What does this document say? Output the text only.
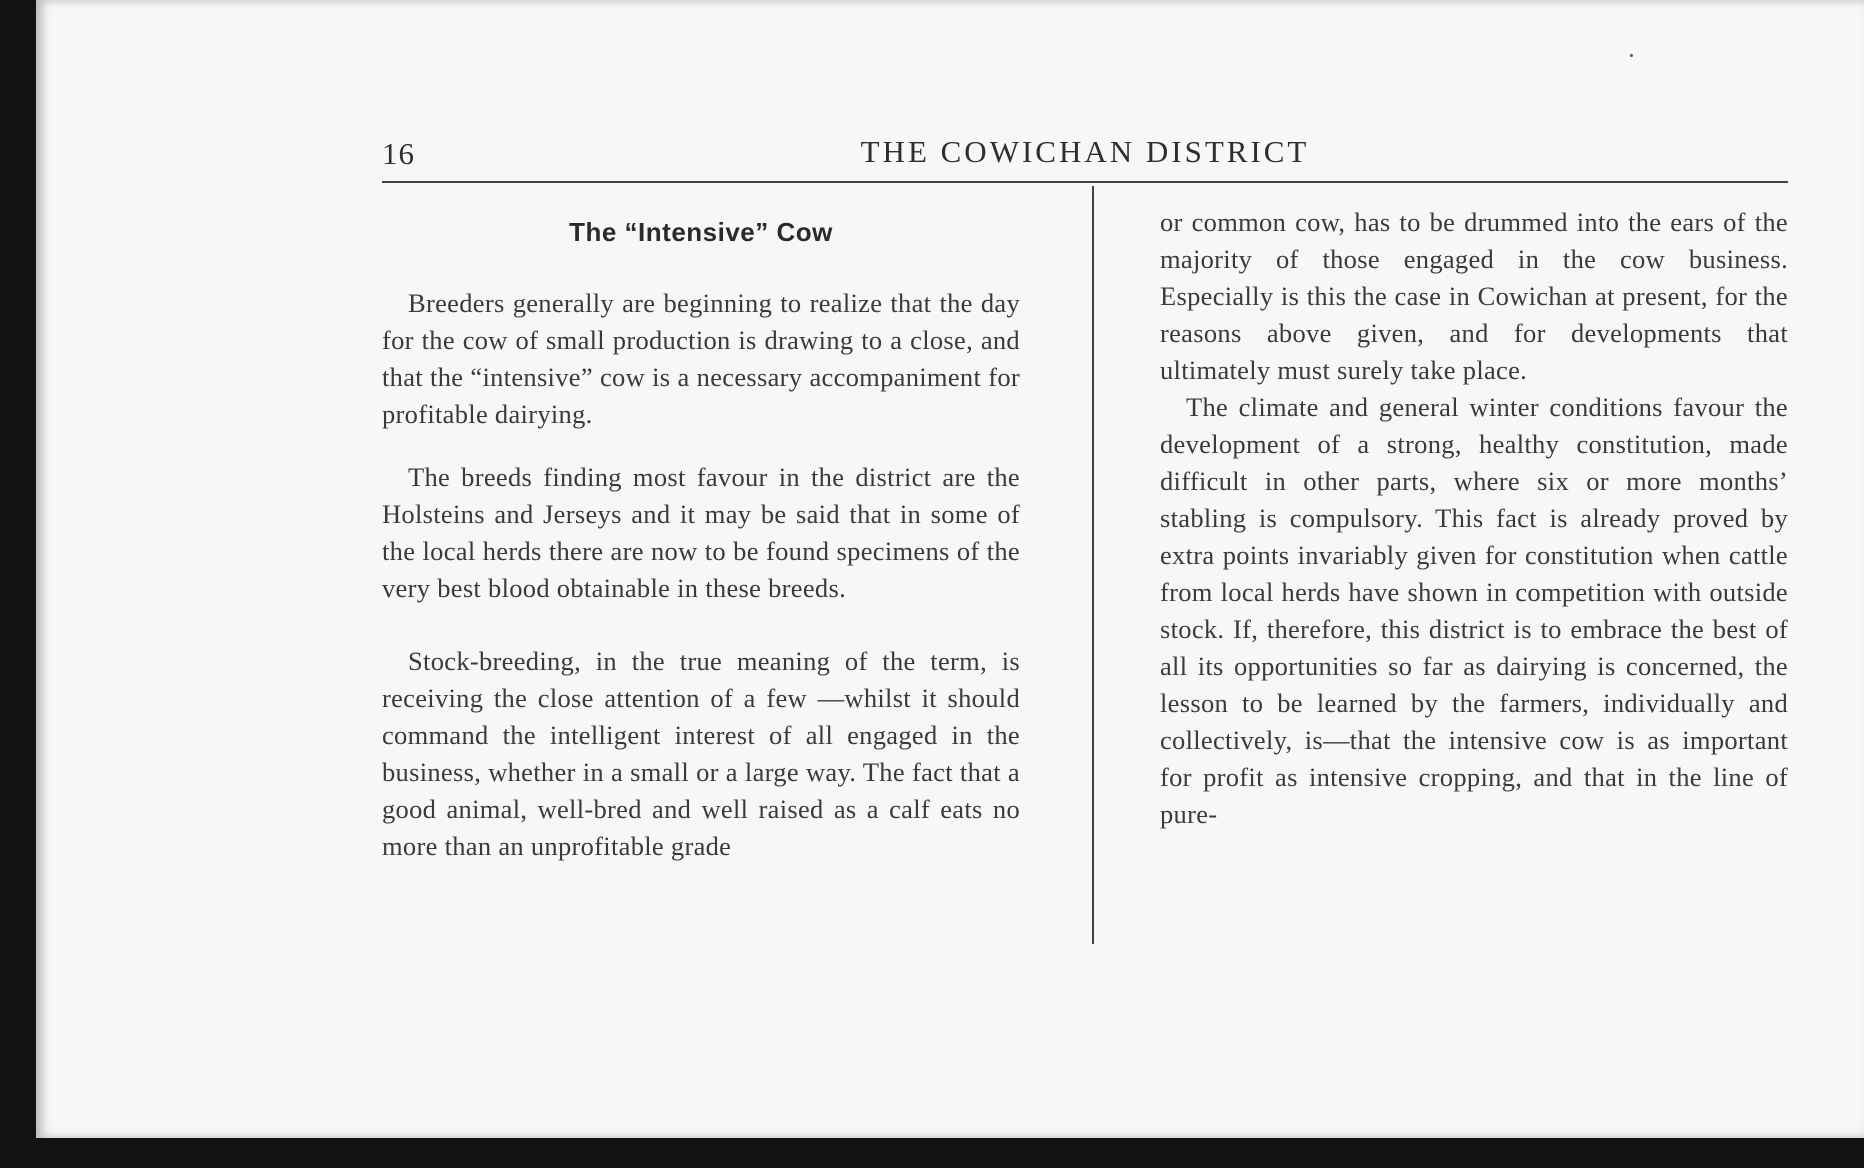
16	THE COWICHAN DISTRICT
The “Intensive” Cow

Breeders generally are beginning to realize that the day for the cow of small production is drawing to a close, and that the “intensive” cow is a necessary accompaniment for profitable dairying.

The breeds finding most favour in the district are the Holsteins and Jerseys and it may be said that in some of the local herds there are now to be found specimens of the very best blood obtainable in these breeds.

Stock-breeding, in the true meaning of the term, is receiving the close attention of a few —whilst it should command the intelligent interest of all engaged in the business, whether in a small or a large way. The fact that a good animal, well-bred and well raised as a calf eats no more than an unprofitable grade

or common cow, has to be drummed into the ears of the majority of those engaged in the cow business. Especially is this the case in Cowichan at present, for the reasons above given, and for developments that ultimately must surely take place.

The climate and general winter conditions favour the development of a strong, healthy constitution, made difficult in other parts, where six or more months’ stabling is compulsory. This fact is already proved by extra points invariably given for constitution when cattle from local herds have shown in competition with outside stock. If, therefore, this district is to embrace the best of all its opportunities so far as dairying is concerned, the lesson to be learned by the farmers, individually and collectively, is—that the intensive cow is as important for profit as intensive cropping, and that in the line of pure-
